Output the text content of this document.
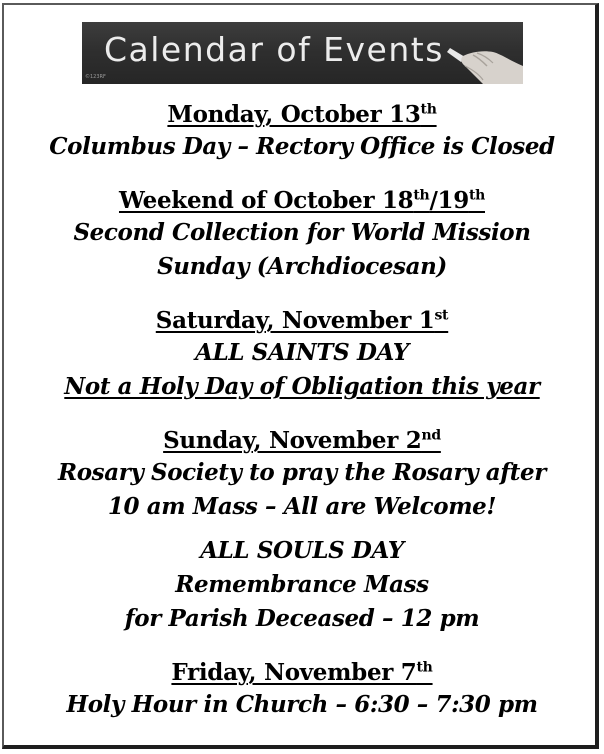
Calendar of Events
©123RF
Monday, October 13th
Columbus Day – Rectory Office is Closed
Weekend of October 18th/19th
Second Collection for World Mission
Sunday (Archdiocesan)
Saturday, November 1st
ALL SAINTS DAY
Not a Holy Day of Obligation this year
Sunday, November 2nd
Rosary Society to pray the Rosary after
10 am Mass – All are Welcome!
ALL SOULS DAY
Remembrance Mass
for Parish Deceased – 12 pm
Friday, November 7th
Holy Hour in Church – 6:30 – 7:30 pm
